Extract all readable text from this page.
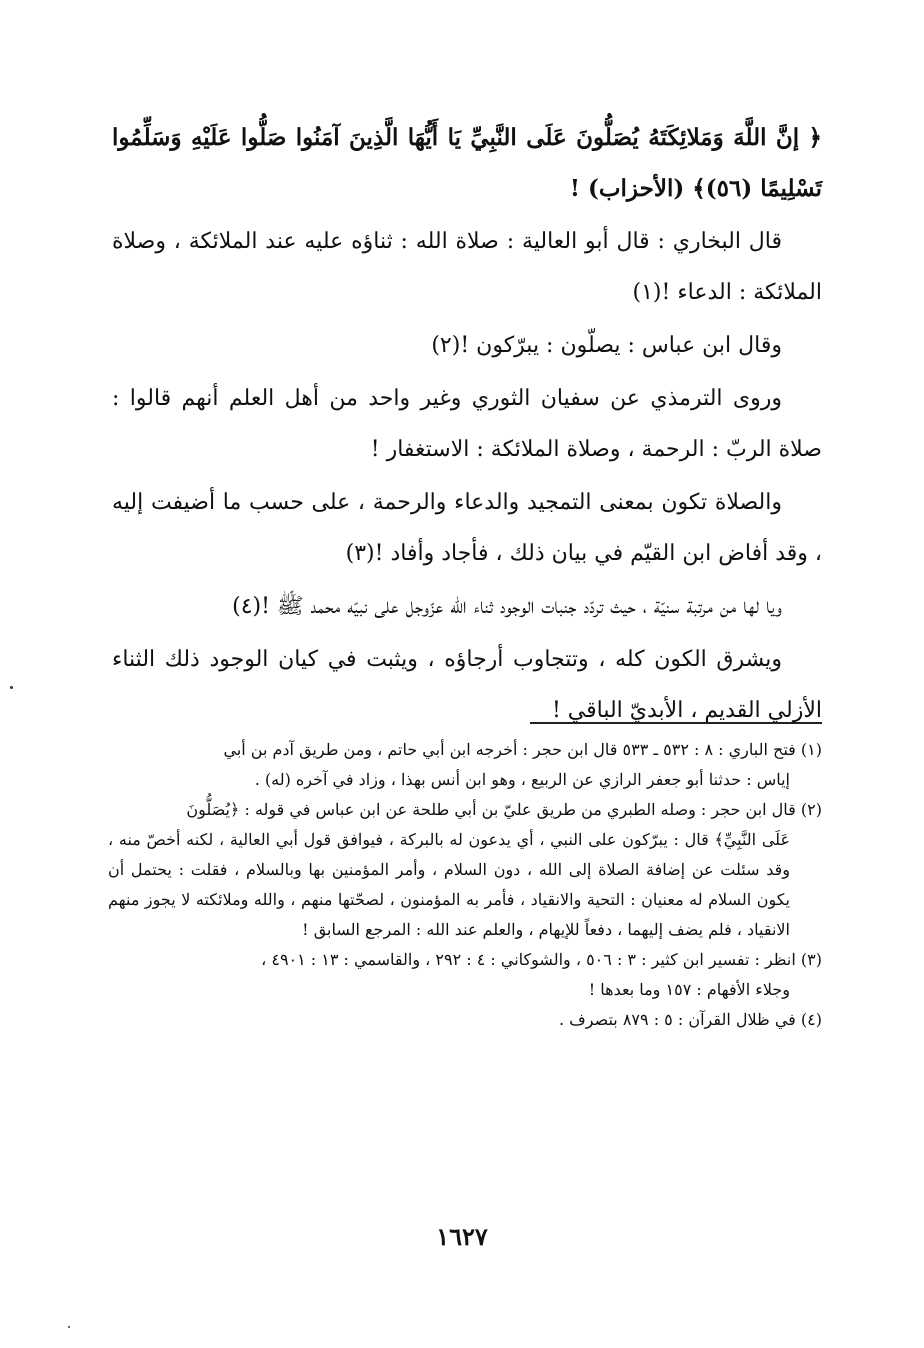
﴿ إنَّ اللَّهَ وَمَلائِكَتَهُ يُصَلُّونَ عَلَى النَّبِيِّ يَا أَيُّهَا الَّذِينَ آمَنُوا صَلُّوا عَلَيْهِ وَسَلِّمُوا تَسْلِيمًا (٥٦)﴾ (الأحزاب) !

قال البخاري : قال أبو العالية : صلاة الله : ثناؤه عليه عند الملائكة ، وصلاة الملائكة : الدعاء !(١)

وقال ابن عباس : يصلّون : يبرّكون !(٢)

وروى الترمذي عن سفيان الثوري وغير واحد من أهل العلم أنهم قالوا : صلاة الربّ : الرحمة ، وصلاة الملائكة : الاستغفار !

والصلاة تكون بمعنى التمجيد والدعاء والرحمة ، على حسب ما أضيفت إليه ، وقد أفاض ابن القيّم في بيان ذلك ، فأجاد وأفاد !(٣)

ويا لها من مرتبة سنيّة ، حيث تردّد جنبات الوجود ثناء الله عزّوجل على نبيّه محمد ﷺ !(٤)

ويشرق الكون كله ، وتتجاوب أرجاؤه ، ويثبت في كيان الوجود ذلك الثناء الأزلي القديم ، الأبديّ الباقي !

(١) فتح الباري : ٨ : ٥٣٢ ـ ٥٣٣ قال ابن حجر : أخرجه ابن أبي حاتم ، ومن طريق آدم بن أبي
إياس : حدثنا أبو جعفر الرازي عن الربيع ، وهو ابن أنس بهذا ، وزاد في آخره (له) .

(٢) قال ابن حجر : وصله الطبري من طريق عليّ بن أبي طلحة عن ابن عباس في قوله : ﴿يُصَلُّونَ
عَلَى النَّبِيِّ﴾ قال : يبرّكون على النبي ، أي يدعون له بالبركة ، فيوافق قول أبي العالية ، لكنه أخصّ منه ، وقد سئلت عن إضافة الصلاة إلى الله ، دون السلام ، وأمر المؤمنين بها وبالسلام ، فقلت : يحتمل أن يكون السلام له معنيان : التحية والانقياد ، فأمر به المؤمنون ، لصحّتها منهم ، والله وملائكته لا يجوز منهم الانقياد ، فلم يضف إليهما ، دفعاً للإيهام ، والعلم عند الله : المرجع السابق !

(٣) انظر : تفسير ابن كثير : ٣ : ٥٠٦ ، والشوكاني : ٤ : ٢٩٢ ، والقاسمي : ١٣ : ٤٩٠١ ،
وجلاء الأفهام : ١٥٧ وما بعدها !

(٤) في ظلال القرآن : ٥ : ٨٧٩ بتصرف .

١٦٢٧
